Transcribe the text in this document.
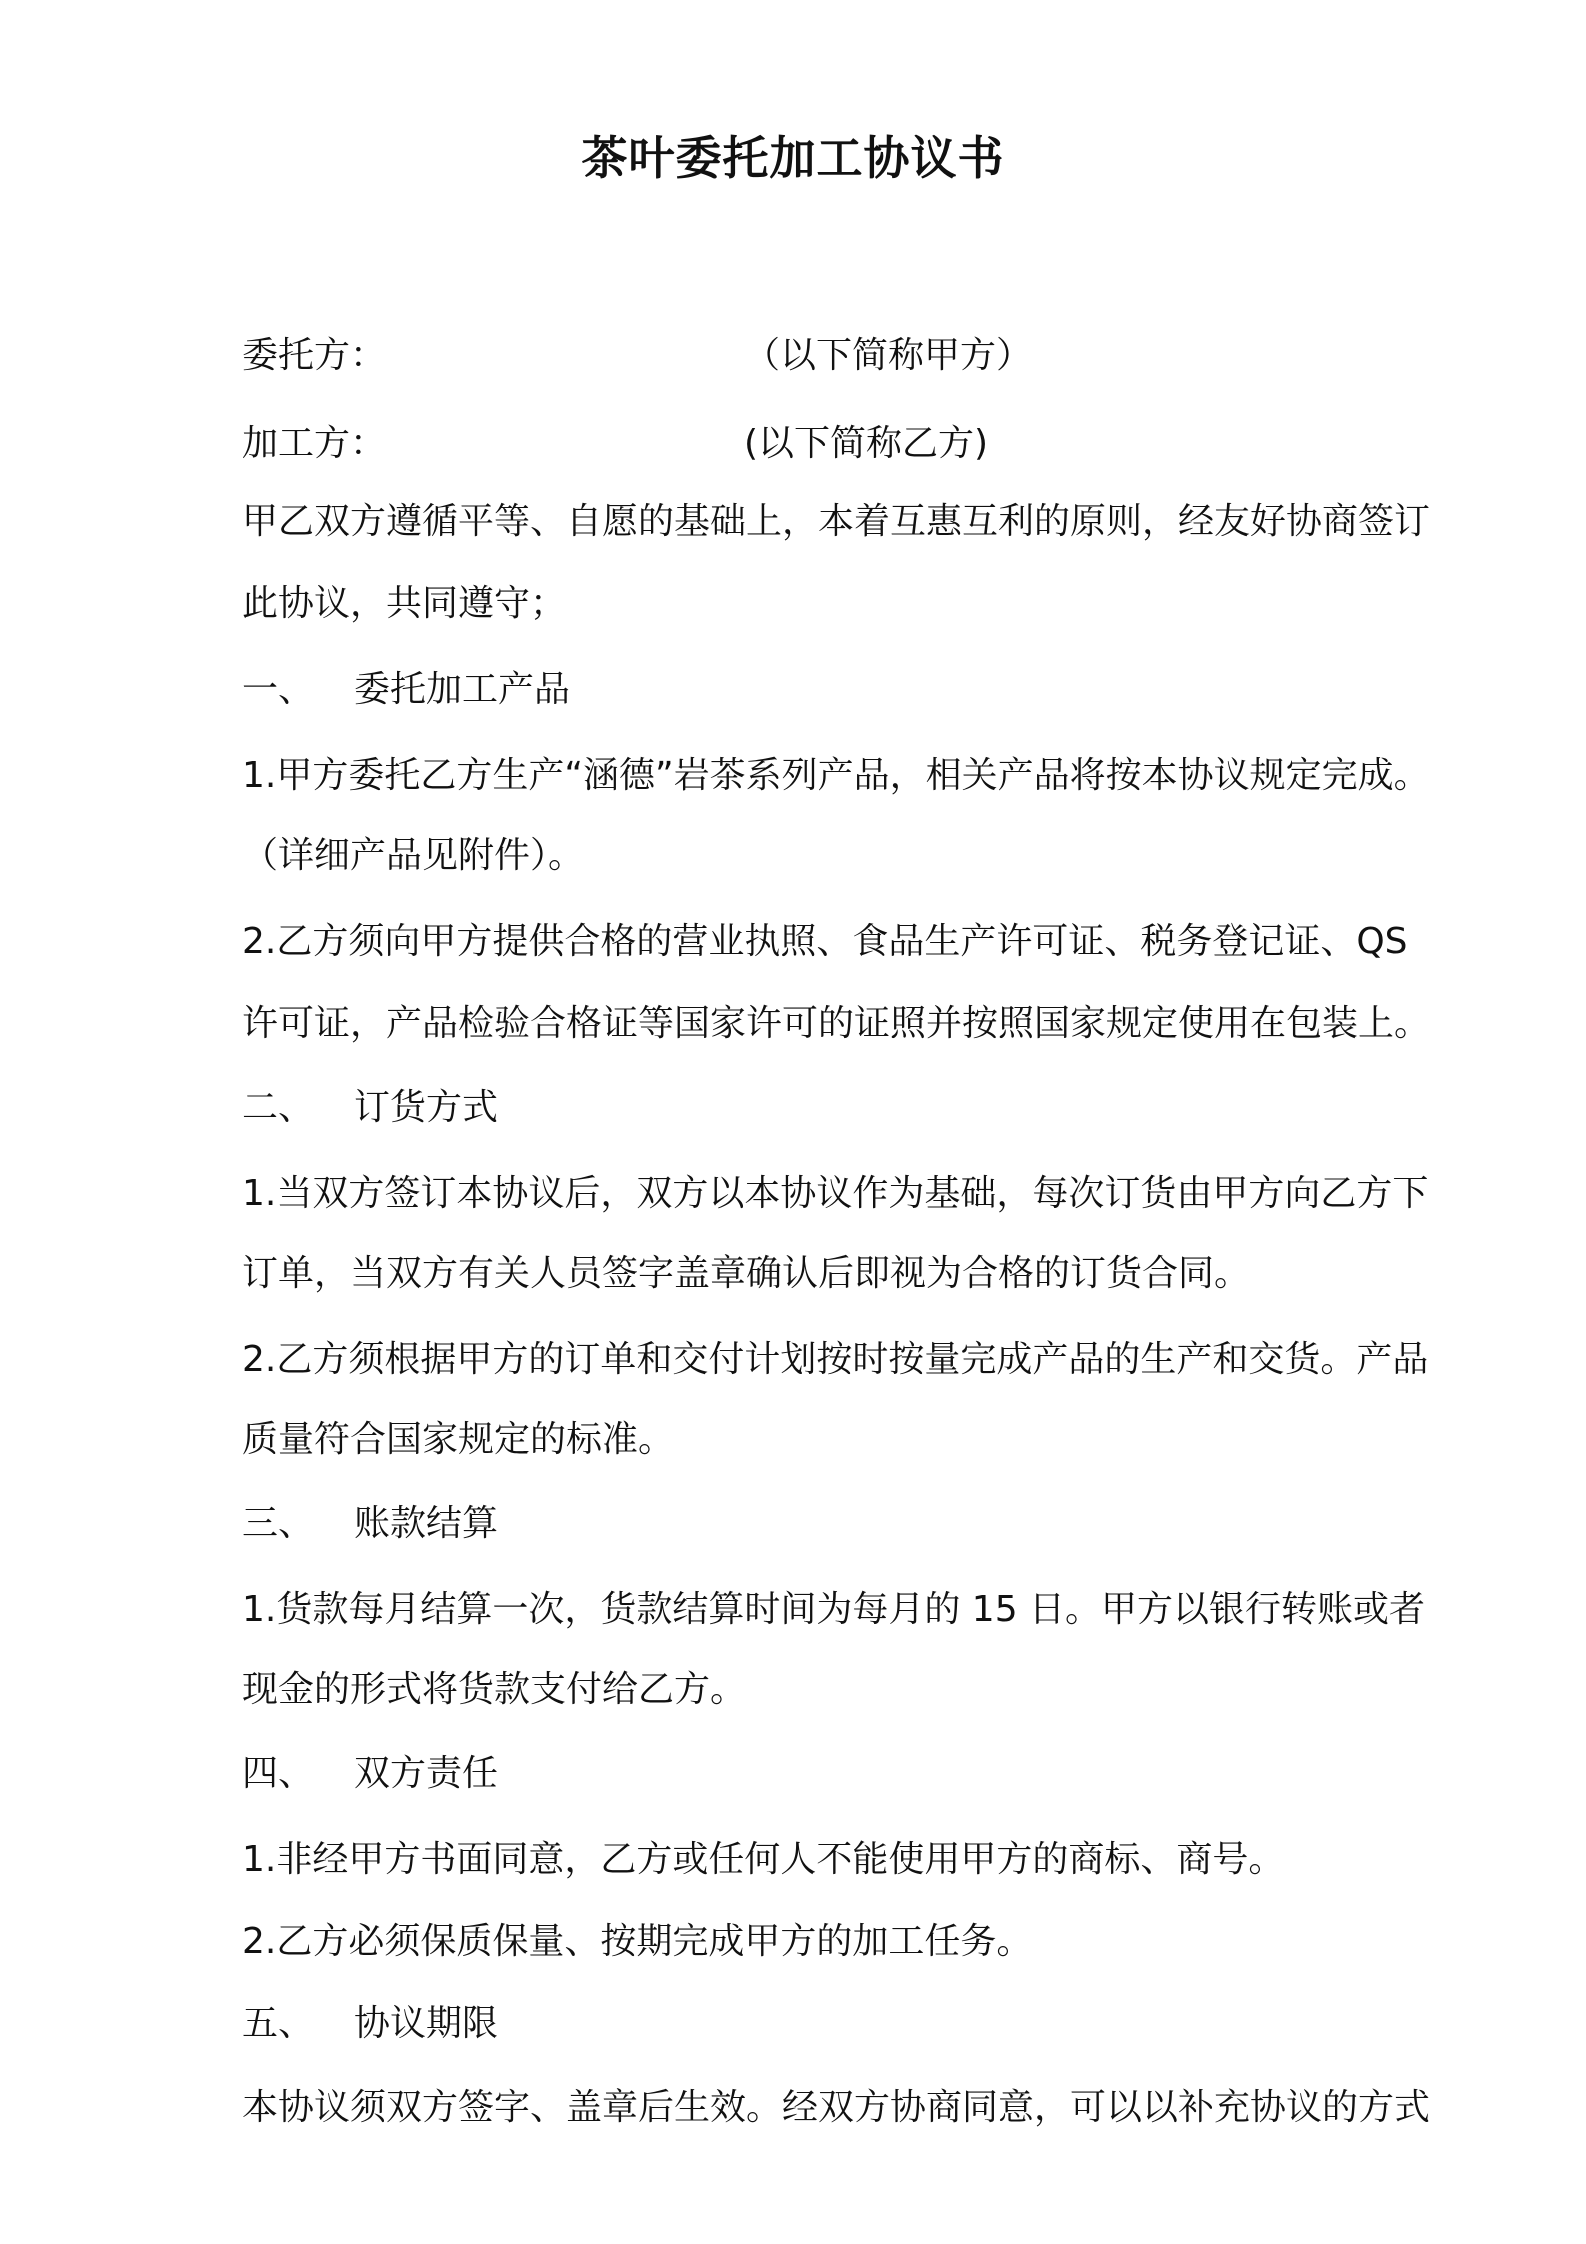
茶叶委托加工协议书
委托方：	（以下简称甲方）
加工方：	(以下简称乙方)
甲乙双方遵循平等、自愿的基础上，本着互惠互利的原则，经友好协商签订
此协议，共同遵守；
一、 委托加工产品
1.甲方委托乙方生产“涵德”岩茶系列产品，相关产品将按本协议规定完成。
（详细产品见附件）。
2.乙方须向甲方提供合格的营业执照、食品生产许可证、税务登记证、QS
许可证，产品检验合格证等国家许可的证照并按照国家规定使用在包装上。
二、 订货方式
1.当双方签订本协议后，双方以本协议作为基础，每次订货由甲方向乙方下
订单，当双方有关人员签字盖章确认后即视为合格的订货合同。
2.乙方须根据甲方的订单和交付计划按时按量完成产品的生产和交货。产品
质量符合国家规定的标准。
三、 账款结算
1.货款每月结算一次，货款结算时间为每月的 15 日。甲方以银行转账或者
现金的形式将货款支付给乙方。
四、 双方责任
1.非经甲方书面同意，乙方或任何人不能使用甲方的商标、商号。
2.乙方必须保质保量、按期完成甲方的加工任务。
五、 协议期限
本协议须双方签字、盖章后生效。经双方协商同意，可以以补充协议的方式
